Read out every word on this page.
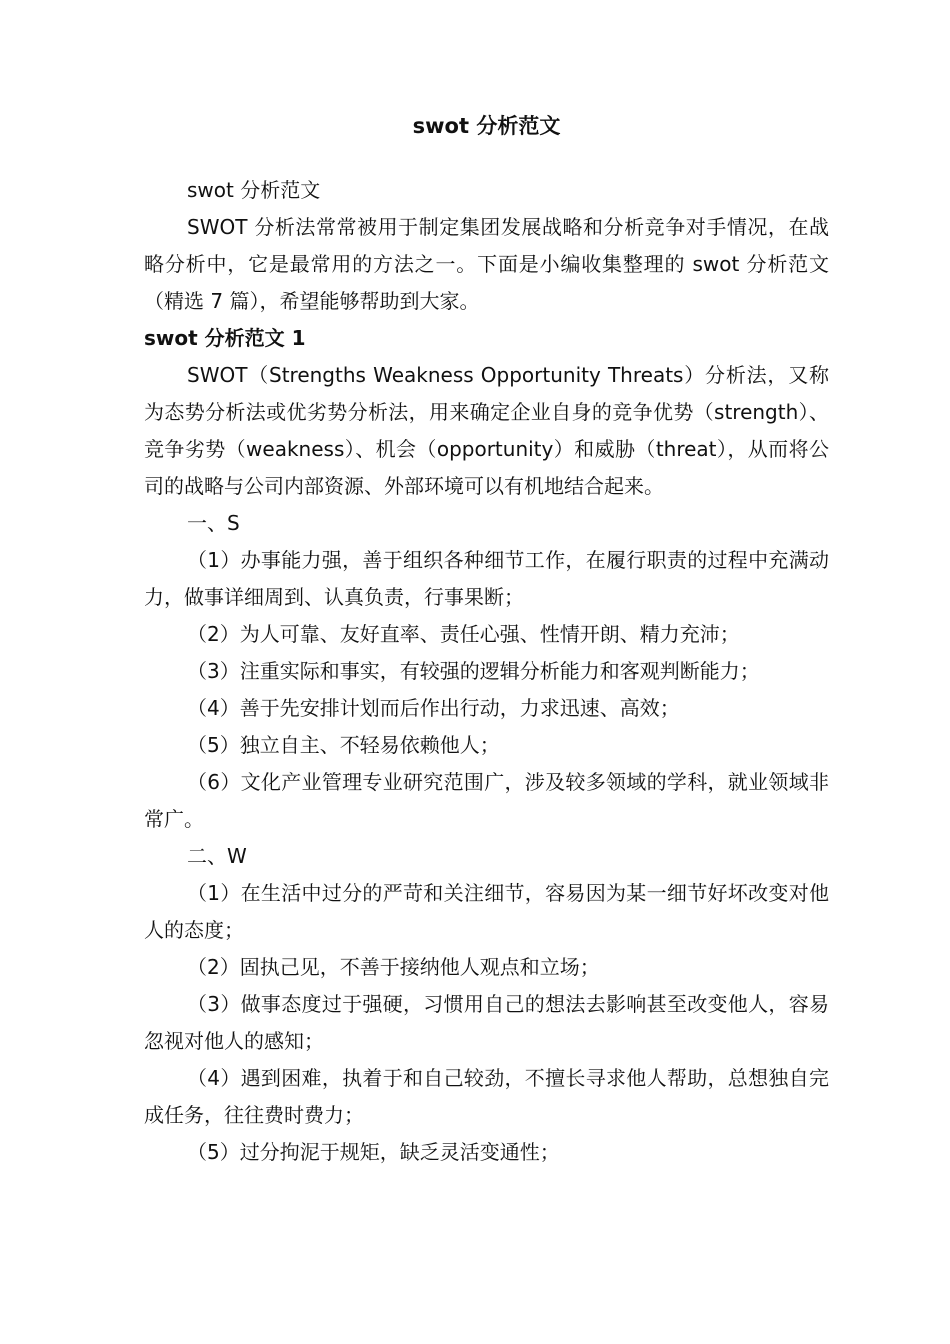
swot 分析范文

swot 分析范文

SWOT 分析法常常被用于制定集团发展战略和分析竞争对手情况，在战略分析中，它是最常用的方法之一。下面是小编收集整理的 swot 分析范文（精选 7 篇），希望能够帮助到大家。

swot 分析范文 1

SWOT（Strengths Weakness Opportunity Threats）分析法，又称为态势分析法或优劣势分析法，用来确定企业自身的竞争优势（strength）、竞争劣势（weakness）、机会（opportunity）和威胁（threat），从而将公司的战略与公司内部资源、外部环境可以有机地结合起来。

一、S

（1）办事能力强，善于组织各种细节工作，在履行职责的过程中充满动力，做事详细周到、认真负责，行事果断；

（2）为人可靠、友好直率、责任心强、性情开朗、精力充沛；

（3）注重实际和事实，有较强的逻辑分析能力和客观判断能力；

（4）善于先安排计划而后作出行动，力求迅速、高效；

（5）独立自主、不轻易依赖他人；

（6）文化产业管理专业研究范围广，涉及较多领域的学科，就业领域非常广。

二、W

（1）在生活中过分的严苛和关注细节，容易因为某一细节好坏改变对他人的态度；

（2）固执己见，不善于接纳他人观点和立场；

（3）做事态度过于强硬，习惯用自己的想法去影响甚至改变他人，容易忽视对他人的感知；

（4）遇到困难，执着于和自己较劲，不擅长寻求他人帮助，总想独自完成任务，往往费时费力；

（5）过分拘泥于规矩，缺乏灵活变通性；
